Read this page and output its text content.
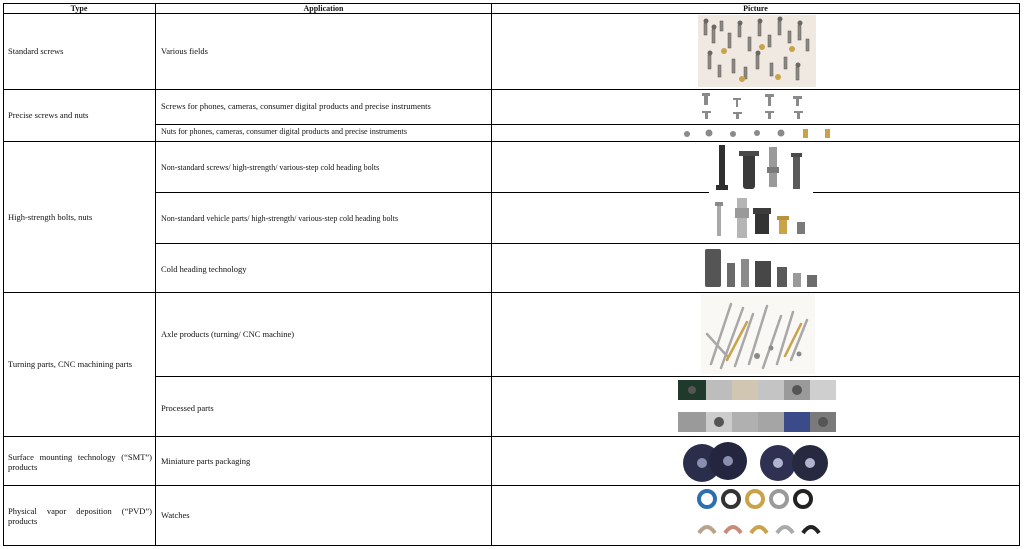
Type	Application	Picture
Standard screws
Precise screws and nuts
High-strength bolts, nuts
Turning parts, CNC machining parts
Surface mounting technology (“SMT”) products
Physical vapor deposition (“PVD”) products
Various fields
Screws for phones, cameras, consumer digital products and precise instruments
Nuts for phones, cameras, consumer digital products and precise instruments
Non-standard screws/ high-strength/ various-step cold heading bolts
Non-standard vehicle parts/ high-strength/ various-step cold heading bolts
Cold heading technology
Axle products (turning/ CNC machine)
Processed parts
Miniature parts packaging
Watches
